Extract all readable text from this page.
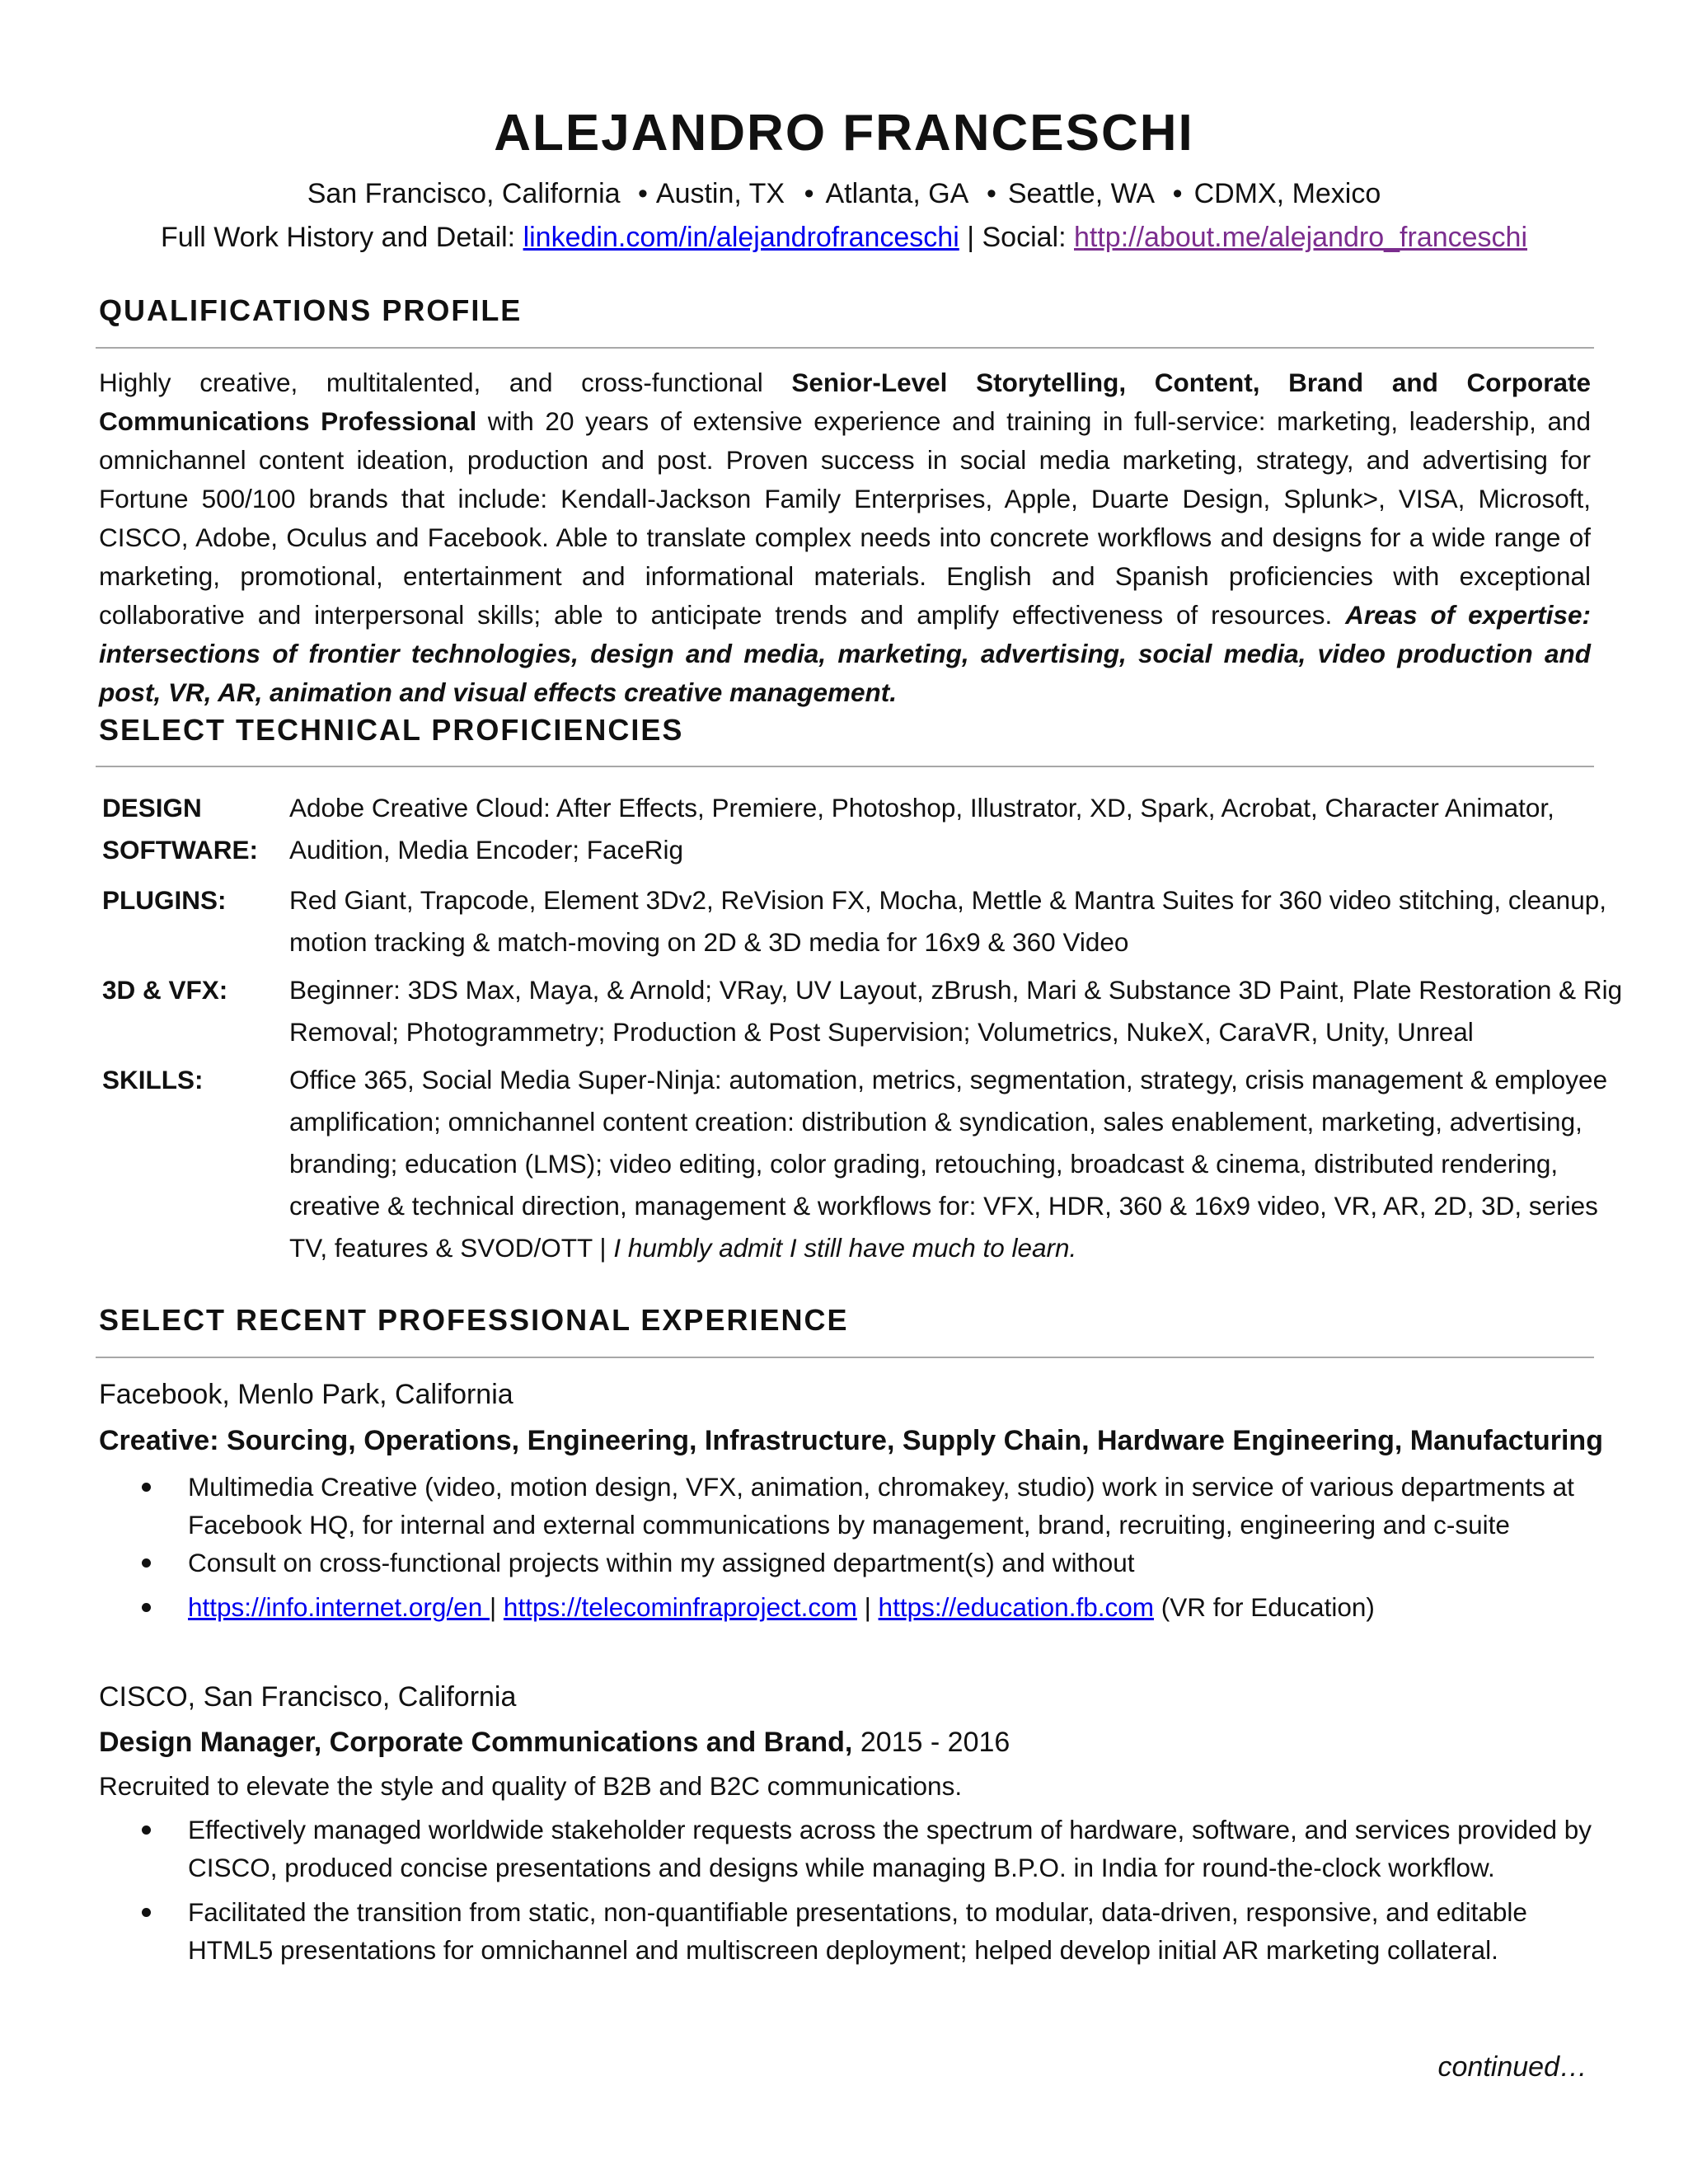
ALEJANDRO FRANCESCHI
San Francisco, California • Austin, TX • Atlanta, GA • Seattle, WA • CDMX, Mexico
Full Work History and Detail: linkedin.com/in/alejandrofranceschi | Social: http://about.me/alejandro_franceschi
QUALIFICATIONS PROFILE

Highly creative, multitalented, and cross-functional Senior-Level Storytelling, Content, Brand and Corporate Communications Professional with 20 years of extensive experience and training in full-service: marketing, leadership, and omnichannel content ideation, production and post. Proven success in social media marketing, strategy, and advertising for Fortune 500/100 brands that include: Kendall-Jackson Family Enterprises, Apple, Duarte Design, Splunk>, VISA, Microsoft, CISCO, Adobe, Oculus and Facebook. Able to translate complex needs into concrete workflows and designs for a wide range of marketing, promotional, entertainment and informational materials. English and Spanish proficiencies with exceptional collaborative and interpersonal skills; able to anticipate trends and amplify effectiveness of resources. Areas of expertise: intersections of frontier technologies, design and media, marketing, advertising, social media, video production and post, VR, AR, animation and visual effects creative management.

SELECT TECHNICAL PROFICIENCIES
DESIGN
SOFTWARE:
Adobe Creative Cloud: After Effects, Premiere, Photoshop, Illustrator, XD, Spark, Acrobat, Character Animator, Audition, Media Encoder; FaceRig
PLUGINS:	Red Giant, Trapcode, Element 3Dv2, ReVision FX, Mocha, Mettle & Mantra Suites for 360 video stitching, cleanup, motion tracking & match-moving on 2D & 3D media for 16x9 & 360 Video
3D & VFX:	Beginner: 3DS Max, Maya, & Arnold; VRay, UV Layout, zBrush, Mari & Substance 3D Paint, Plate Restoration & Rig Removal; Photogrammetry; Production & Post Supervision; Volumetrics, NukeX, CaraVR, Unity, Unreal
SKILLS:	Office 365, Social Media Super-Ninja: automation, metrics, segmentation, strategy, crisis management & employee amplification; omnichannel content creation: distribution & syndication, sales enablement, marketing, advertising, branding; education (LMS); video editing, color grading, retouching, broadcast & cinema, distributed rendering, creative & technical direction, management & workflows for: VFX, HDR, 360 & 16x9 video, VR, AR, 2D, 3D, series TV, features & SVOD/OTT | I humbly admit I still have much to learn.
SELECT RECENT PROFESSIONAL EXPERIENCE

Facebook, Menlo Park, California

Creative: Sourcing, Operations, Engineering, Infrastructure, Supply Chain, Hardware Engineering, Manufacturing

Multimedia Creative (video, motion design, VFX, animation, chromakey, studio) work in service of various departments at Facebook HQ, for internal and external communications by management, brand, recruiting, engineering and c-suite
Consult on cross-functional projects within my assigned department(s) and without
https://info.internet.org/en | https://telecominfraproject.com | https://education.fb.com (VR for Education)

CISCO, San Francisco, California

Design Manager, Corporate Communications and Brand, 2015 - 2016

Recruited to elevate the style and quality of B2B and B2C communications.

Effectively managed worldwide stakeholder requests across the spectrum of hardware, software, and services provided by CISCO, produced concise presentations and designs while managing B.P.O. in India for round-the-clock workflow.
Facilitated the transition from static, non-quantifiable presentations, to modular, data-driven, responsive, and editable HTML5 presentations for omnichannel and multiscreen deployment; helped develop initial AR marketing collateral.
continued…
